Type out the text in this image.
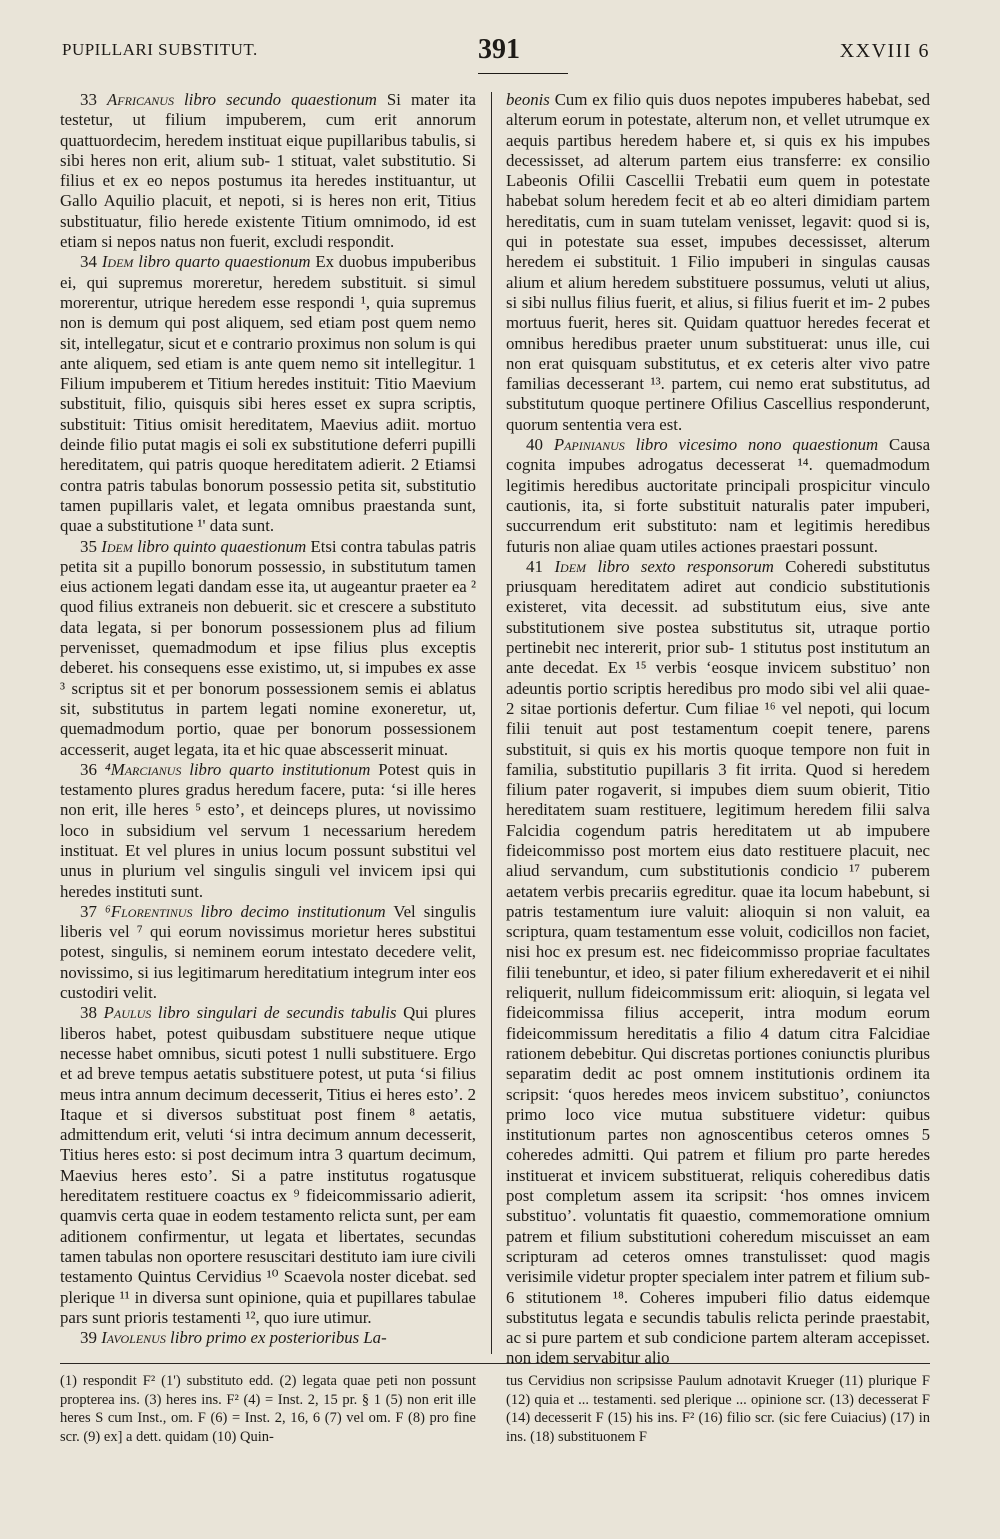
PUPILLARI SUBSTITUT.	391	XXVIII 6

33 Africanus libro secundo quaestionum Si mater ita testetur, ut filium impuberem, cum erit annorum quattuordecim, heredem instituat eique pupillaribus tabulis, si sibi heres non erit, alium sub- 1 stituat, valet substitutio. Si filius et ex eo nepos postumus ita heredes instituantur, ut Gallo Aquilio placuit, et nepoti, si is heres non erit, Titius substituatur, filio herede existente Titium omnimodo, id est etiam si nepos natus non fuerit, excludi respondit.

34 Idem libro quarto quaestionum Ex duobus impuberibus ei, qui supremus moreretur, heredem substituit. si simul morerentur, utrique heredem esse respondi ¹, quia supremus non is demum qui post aliquem, sed etiam post quem nemo sit, intellegatur, sicut et e contrario proximus non solum is qui ante aliquem, sed etiam is ante quem nemo sit intellegitur. 1 Filium impuberem et Titium heredes instituit: Titio Maevium substituit, filio, quisquis sibi heres esset ex supra scriptis, substituit: Titius omisit hereditatem, Maevius adiit. mortuo deinde filio putat magis ei soli ex substitutione deferri pupilli hereditatem, qui patris quoque hereditatem adierit. 2 Etiamsi contra patris tabulas bonorum possessio petita sit, substitutio tamen pupillaris valet, et legata omnibus praestanda sunt, quae a substitutione ¹' data sunt.

35 Idem libro quinto quaestionum Etsi contra tabulas patris petita sit a pupillo bonorum possessio, in substitutum tamen eius actionem legati dandam esse ita, ut augeantur praeter ea ² quod filius extraneis non debuerit. sic et crescere a substituto data legata, si per bonorum possessionem plus ad filium pervenisset, quemadmodum et ipse filius plus exceptis deberet. his consequens esse existimo, ut, si impubes ex asse ³ scriptus sit et per bonorum possessionem semis ei ablatus sit, substitutus in partem legati nomine exoneretur, ut, quemadmodum portio, quae per bonorum possessionem accesserit, auget legata, ita et hic quae abscesserit minuat.

36 ⁴Marcianus libro quarto institutionum Potest quis in testamento plures gradus heredum facere, puta: ‘si ille heres non erit, ille heres ⁵ esto’, et deinceps plures, ut novissimo loco in subsidium vel servum 1 necessarium heredem instituat. Et vel plures in unius locum possunt substitui vel unus in plurium vel singulis singuli vel invicem ipsi qui heredes instituti sunt.

37 ⁶Florentinus libro decimo institutionum Vel singulis liberis vel ⁷ qui eorum novissimus morietur heres substitui potest, singulis, si neminem eorum intestato decedere velit, novissimo, si ius legitimarum hereditatium integrum inter eos custodiri velit.

38 Paulus libro singulari de secundis tabulis Qui plures liberos habet, potest quibusdam substituere neque utique necesse habet omnibus, sicuti potest 1 nulli substituere. Ergo et ad breve tempus aetatis substituere potest, ut puta ‘si filius meus intra annum decimum decesserit, Titius ei heres esto’. 2 Itaque et si diversos substituat post finem ⁸ aetatis, admittendum erit, veluti ‘si intra decimum annum decesserit, Titius heres esto: si post decimum intra 3 quartum decimum, Maevius heres esto’. Si a patre institutus rogatusque hereditatem restituere coactus ex ⁹ fideicommissario adierit, quamvis certa quae in eodem testamento relicta sunt, per eam aditionem confirmentur, ut legata et libertates, secundas tamen tabulas non oportere resuscitari destituto iam iure civili testamento Quintus Cervidius ¹⁰ Scaevola noster dicebat. sed plerique ¹¹ in diversa sunt opinione, quia et pupillares tabulae pars sunt prioris testamenti ¹², quo iure utimur.

39 Iavolenus libro primo ex posterioribus La-

beonis Cum ex filio quis duos nepotes impuberes habebat, sed alterum eorum in potestate, alterum non, et vellet utrumque ex aequis partibus heredem habere et, si quis ex his impubes decessisset, ad alterum partem eius transferre: ex consilio Labeonis Ofilii Cascellii Trebatii eum quem in potestate habebat solum heredem fecit et ab eo alteri dimidiam partem hereditatis, cum in suam tutelam venisset, legavit: quod si is, qui in potestate sua esset, impubes decessisset, alterum heredem ei substituit. 1 Filio impuberi in singulas causas alium et alium heredem substituere possumus, veluti ut alius, si sibi nullus filius fuerit, et alius, si filius fuerit et im- 2 pubes mortuus fuerit, heres sit. Quidam quattuor heredes fecerat et omnibus heredibus praeter unum substituerat: unus ille, cui non erat quisquam substitutus, et ex ceteris alter vivo patre familias decesserant ¹³. partem, cui nemo erat substitutus, ad substitutum quoque pertinere Ofilius Cascellius responderunt, quorum sententia vera est.

40 Papinianus libro vicesimo nono quaestionum Causa cognita impubes adrogatus decesserat ¹⁴. quemadmodum legitimis heredibus auctoritate principali prospicitur vinculo cautionis, ita, si forte substituit naturalis pater impuberi, succurrendum erit substituto: nam et legitimis heredibus futuris non aliae quam utiles actiones praestari possunt.

41 Idem libro sexto responsorum Coheredi substitutus priusquam hereditatem adiret aut condicio substitutionis existeret, vita decessit. ad substitutum eius, sive ante substitutionem sive postea substitutus sit, utraque portio pertinebit nec intererit, prior sub- 1 stitutus post institutum an ante decedat. Ex ¹⁵ verbis ‘eosque invicem substituo’ non adeuntis portio scriptis heredibus pro modo sibi vel alii quae- 2 sitae portionis defertur. Cum filiae ¹⁶ vel nepoti, qui locum filii tenuit aut post testamentum coepit tenere, parens substituit, si quis ex his mortis quoque tempore non fuit in familia, substitutio pupillaris 3 fit irrita. Quod si heredem filium pater rogaverit, si impubes diem suum obierit, Titio hereditatem suam restituere, legitimum heredem filii salva Falcidia cogendum patris hereditatem ut ab impubere fideicommisso post mortem eius dato restituere placuit, nec aliud servandum, cum substitutionis condicio ¹⁷ puberem aetatem verbis precariis egreditur. quae ita locum habebunt, si patris testamentum iure valuit: alioquin si non valuit, ea scriptura, quam testamentum esse voluit, codicillos non faciet, nisi hoc ex presum est. nec fideicommisso propriae facultates filii tenebuntur, et ideo, si pater filium exheredaverit et ei nihil reliquerit, nullum fideicommissum erit: alioquin, si legata vel fideicommissa filius acceperit, intra modum eorum fideicommissum hereditatis a filio 4 datum citra Falcidiae rationem debebitur. Qui discretas portiones coniunctis pluribus separatim dedit ac post omnem institutionis ordinem ita scripsit: ‘quos heredes meos invicem substituo’, coniunctos primo loco vice mutua substituere videtur: quibus institutionum partes non agnoscentibus ceteros omnes 5 coheredes admitti. Qui patrem et filium pro parte heredes instituerat et invicem substituerat, reliquis coheredibus datis post completum assem ita scripsit: ‘hos omnes invicem substituo’. voluntatis fit quaestio, commemoratione omnium patrem et filium substitutioni coheredum miscuisset an eam scripturam ad ceteros omnes transtulisset: quod magis verisimile videtur propter specialem inter patrem et filium sub- 6 stitutionem ¹⁸. Coheres impuberi filio datus eidemque substitutus legata e secundis tabulis relicta perinde praestabit, ac si pure partem et sub condicione partem alteram accepisset. non idem servabitur alio

(1) respondit F² (1') substituto edd. (2) legata quae peti non possunt propterea ins. (3) heres ins. F² (4) = Inst. 2, 15 pr. § 1 (5) non erit ille heres S cum Inst., om. F (6) = Inst. 2, 16, 6 (7) vel om. F (8) pro fine scr. (9) ex] a dett. quidam (10) Quin-

tus Cervidius non scripsisse Paulum adnotavit Krueger (11) plurique F (12) quia et ... testamenti. sed plerique ... opinione scr. (13) decesserat F (14) decesserit F (15) his ins. F² (16) filio scr. (sic fere Cuiacius) (17) in ins. (18) substituonem F
